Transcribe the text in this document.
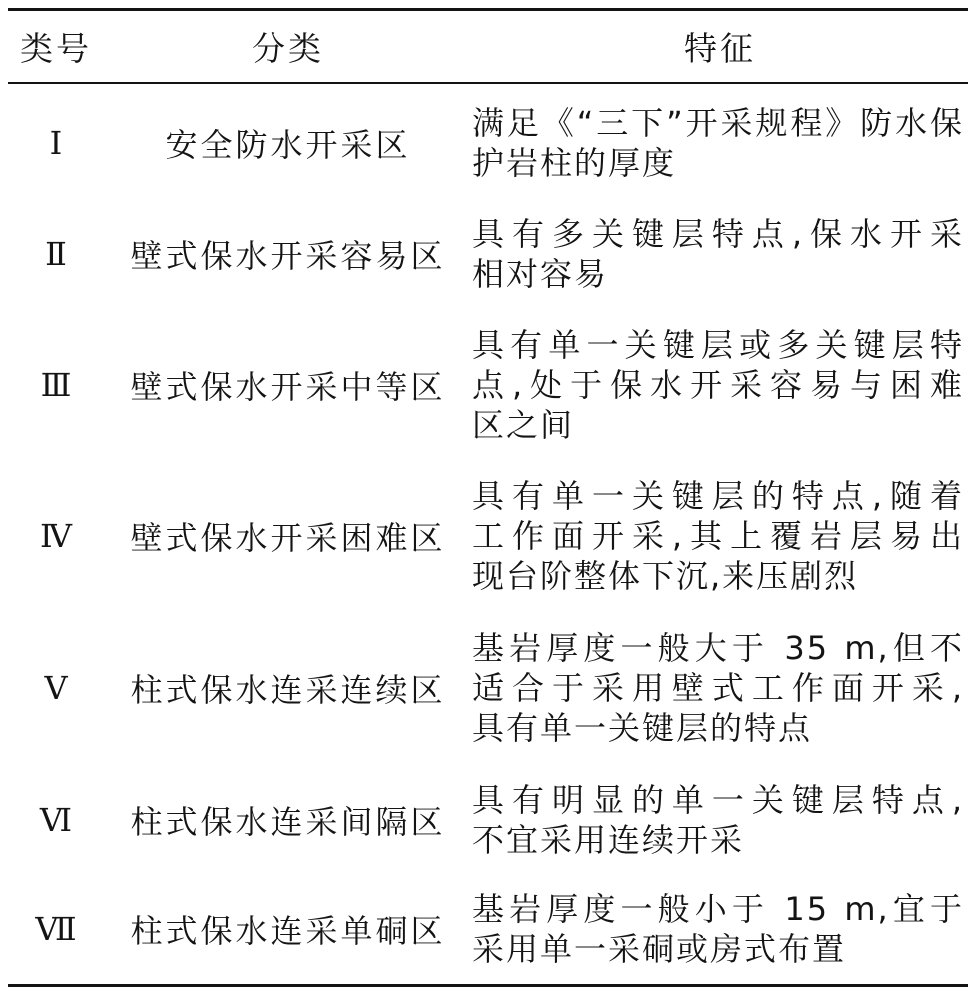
类号	分类	特征
Ⅰ	安全防水开采区
满足《“三下”开采规程》防水保
护岩柱的厚度
Ⅱ	壁式保水开采容易区
具有多关键层特点,保水开采
相对容易
Ⅲ	壁式保水开采中等区
具有单一关键层或多关键层特
点,处于保水开采容易与困难
区之间
Ⅳ	壁式保水开采困难区
具有单一关键层的特点,随着
工作面开采,其上覆岩层易出
现台阶整体下沉,来压剧烈
Ⅴ	柱式保水连采连续区
基岩厚度一般大于 35 m,但不
适合于采用壁式工作面开采,
具有单一关键层的特点
Ⅵ	柱式保水连采间隔区
具有明显的单一关键层特点,
不宜采用连续开采
Ⅶ	柱式保水连采单硐区
基岩厚度一般小于 15 m,宜于
采用单一采硐或房式布置
